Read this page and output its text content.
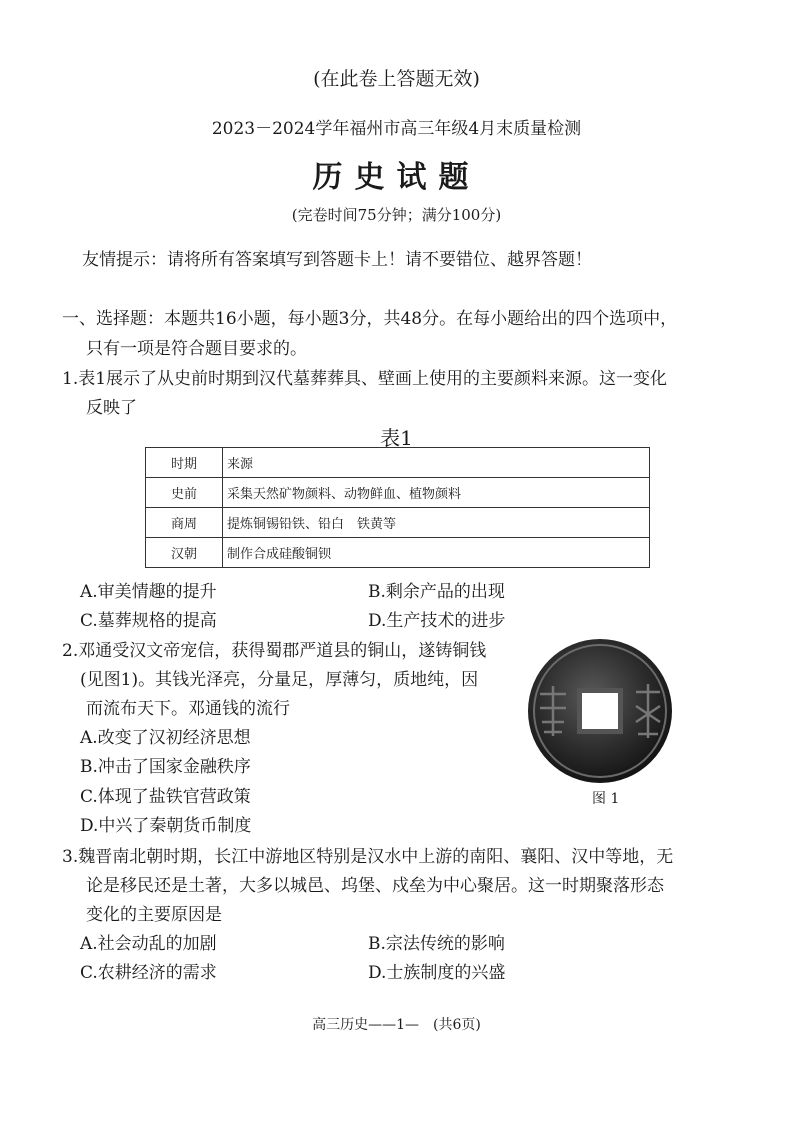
(在此卷上答题无效)
2023－2024学年福州市高三年级4月末质量检测
历史试题
(完卷时间75分钟；满分100分)
友情提示：请将所有答案填写到答题卡上！请不要错位、越界答题！
一、选择题：本题共16小题，每小题3分，共48分。在每小题给出的四个选项中，
只有一项是符合题目要求的。
1.表1展示了从史前时期到汉代墓葬葬具、壁画上使用的主要颜料来源。这一变化
反映了
表1
时期	来源
史前	采集天然矿物颜料、动物鲜血、植物颜料
商周	提炼铜锡铅铁、铅白　铁黄等
汉朝	制作合成硅酸铜钡
A.审美情趣的提升	B.剩余产品的出现
C.墓葬规格的提高	D.生产技术的进步
2.邓通受汉文帝宠信，获得蜀郡严道县的铜山，遂铸铜钱
(见图1)。其钱光泽亮，分量足，厚薄匀，质地纯，因
而流布天下。邓通钱的流行
A.改变了汉初经济思想
B.冲击了国家金融秩序
C.体现了盐铁官营政策
D.中兴了秦朝货币制度
图 1
3.魏晋南北朝时期，长江中游地区特别是汉水中上游的南阳、襄阳、汉中等地，无
论是移民还是土著，大多以城邑、坞堡、戍垒为中心聚居。这一时期聚落形态
变化的主要原因是
A.社会动乱的加剧	B.宗法传统的影响
C.农耕经济的需求	D.士族制度的兴盛
高三历史——1—　(共6页)
